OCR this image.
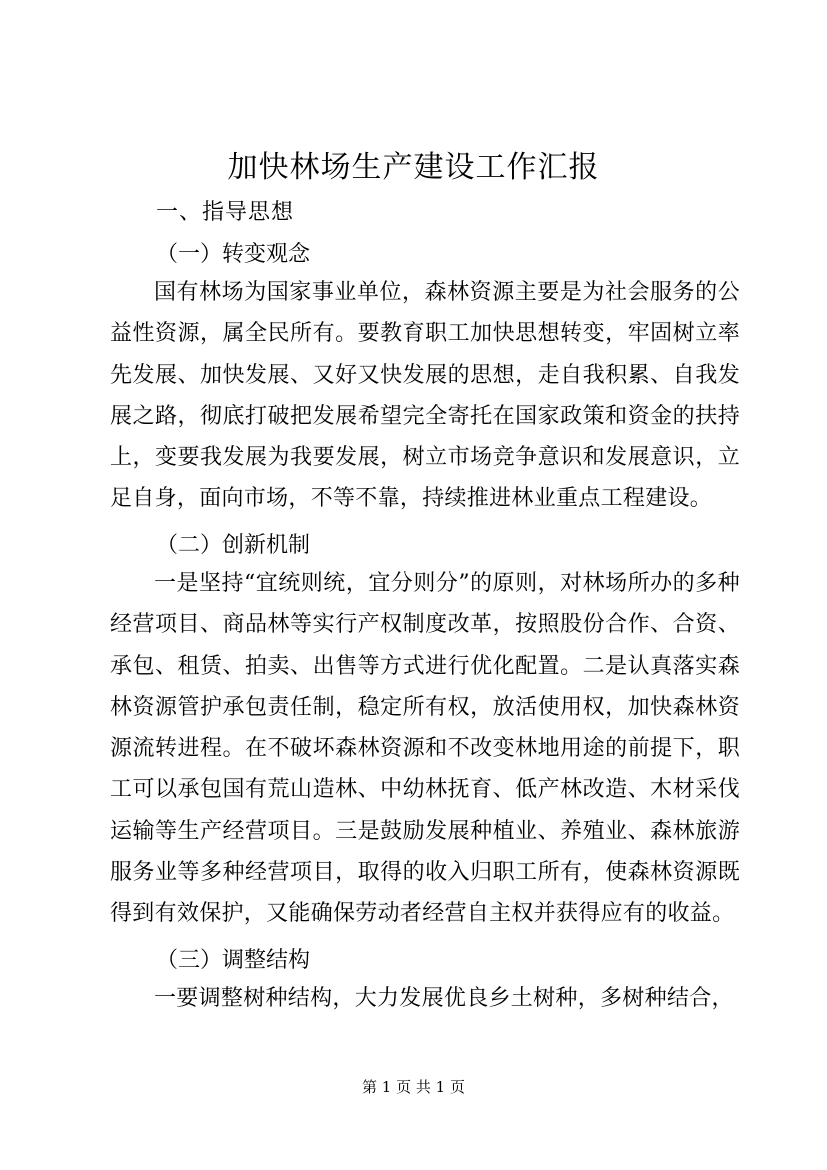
加快林场生产建设工作汇报
一、指导思想
（一）转变观念
国有林场为国家事业单位，森林资源主要是为社会服务的公益性资源，属全民所有。要教育职工加快思想转变，牢固树立率先发展、加快发展、又好又快发展的思想，走自我积累、自我发展之路，彻底打破把发展希望完全寄托在国家政策和资金的扶持上，变要我发展为我要发展，树立市场竞争意识和发展意识，立足自身，面向市场，不等不靠，持续推进林业重点工程建设。
（二）创新机制
一是坚持“宜统则统，宜分则分”的原则，对林场所办的多种经营项目、商品林等实行产权制度改革，按照股份合作、合资、承包、租赁、拍卖、出售等方式进行优化配置。二是认真落实森林资源管护承包责任制，稳定所有权，放活使用权，加快森林资源流转进程。在不破坏森林资源和不改变林地用途的前提下，职工可以承包国有荒山造林、中幼林抚育、低产林改造、木材采伐运输等生产经营项目。三是鼓励发展种植业、养殖业、森林旅游服务业等多种经营项目，取得的收入归职工所有，使森林资源既得到有效保护，又能确保劳动者经营自主权并获得应有的收益。
（三）调整结构
一要调整树种结构，大力发展优良乡土树种，多树种结合，
第 1 页 共 1 页
